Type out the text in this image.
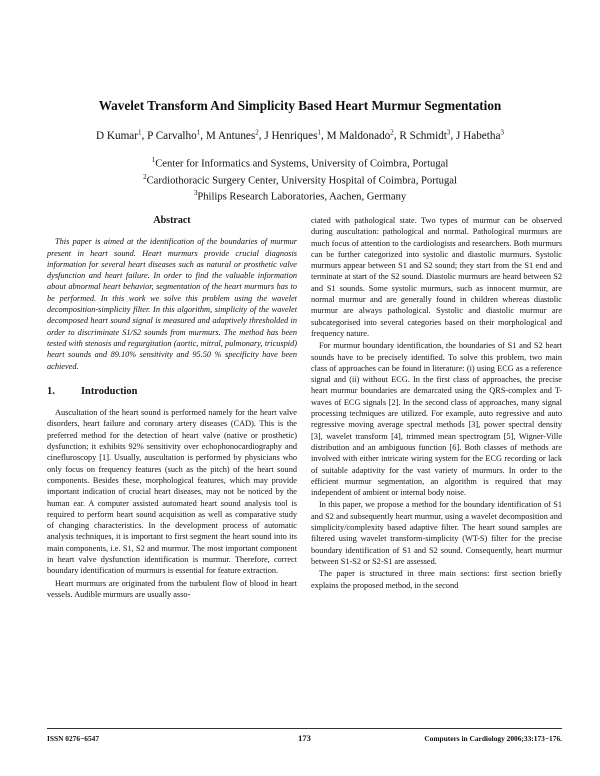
Wavelet Transform And Simplicity Based Heart Murmur Segmentation
D Kumar$^1$, P Carvalho$^1$, M Antunes$^2$, J Henriques$^1$, M Maldonado$^2$, R Schmidt$^3$, J Habetha$^3$
$^1$Center for Informatics and Systems, University of Coimbra, Portugal
$^2$Cardiothoracic Surgery Center, University Hospital of Coimbra, Portugal
$^3$Philips Research Laboratories, Aachen, Germany
Abstract

This paper is aimed at the identification of the boundaries of murmur present in heart sound. Heart murmurs provide crucial diagnosis information for several heart diseases such as natural or prosthetic valve dysfunction and heart failure. In order to find the valuable information about abnormal heart behavior, segmentation of the heart murmurs has to be performed. In this work we solve this problem using the wavelet decomposition-simplicity filter. In this algorithm, simplicity of the wavelet decomposed heart sound signal is measured and adaptively thresholded in order to discriminate S1/S2 sounds from murmurs. The method has been tested with stenosis and regurgitation (aortic, mitral, pulmonary, tricuspid) heart sounds and 89.10% sensitivity and 95.50 % specificity have been achieved.

1.	Introduction

Auscultation of the heart sound is performed namely for the heart valve disorders, heart failure and coronary artery diseases (CAD). This is the preferred method for the detection of heart valve (native or prosthetic) dysfunction; it exhibits 92% sensitivity over echophonocardiography and cinefluroscopy [1]. Usually, auscultation is performed by physicians who only focus on frequency features (such as the pitch) of the heart sound components. Besides these, morphological features, which may provide important indication of crucial heart diseases, may not be noticed by the human ear. A computer assisted automated heart sound analysis tool is required to perform heart sound acquisition as well as comparative study of changing characteristics. In the development process of automatic analysis techniques, it is important to first segment the heart sound into its main components, i.e. S1, S2 and murmur. The most important component in heart valve dysfunction identification is murmur. Therefore, correct boundary identification of murmurs is essential for feature extraction.

Heart murmurs are originated from the turbulent flow of blood in heart vessels. Audible murmurs are usually asso-

ciated with pathological state. Two types of murmur can be observed during auscultation: pathological and normal. Pathological murmurs are much focus of attention to the cardiologists and researchers. Both murmurs can be further categorized into systolic and diastolic murmurs. Systolic murmurs appear between S1 and S2 sound; they start from the S1 end and terminate at start of the S2 sound. Diastolic murmurs are heard between S2 and S1 sounds. Some systolic murmurs, such as innocent murmur, are normal murmur and are generally found in children whereas diastolic murmur are always pathological. Systolic and diastolic murmur are subcategorised into several categories based on their morphological and frequency nature.

For murmur boundary identification, the boundaries of S1 and S2 heart sounds have to be precisely identified. To solve this problem, two main class of approaches can be found in literature: (i) using ECG as a reference signal and (ii) without ECG. In the first class of approaches, the precise heart murmur boundaries are demarcated using the QRS-complex and T-waves of ECG signals [2]. In the second class of approaches, many signal processing techniques are utilized. For example, auto regressive and auto regressive moving average spectral methods [3], power spectral density [3], wavelet transform [4], trimmed mean spectrogram [5], Wigner-Ville distribution and an ambiguous function [6]. Both classes of methods are involved with either intricate wiring system for the ECG recording or lack of suitable adaptivity for the vast variety of murmurs. In order to the efficient murmur segmentation, an algorithm is required that may independent of ambient or internal body noise.

In this paper, we propose a method for the boundary identification of S1 and S2 and subsequently heart murmur, using a wavelet decomposition and simplicity/complexity based adaptive filter. The heart sound samples are filtered using wavelet transform-simplicity (WT-S) filter for the precise boundary identification of S1 and S2 sound. Consequently, heart murmur between S1-S2 or S2-S1 are assessed.

The paper is structured in three main sections: first section briefly explains the proposed method, in the second

ISSN 0276−6547	173	Computers in Cardiology 2006;33:173−176.
